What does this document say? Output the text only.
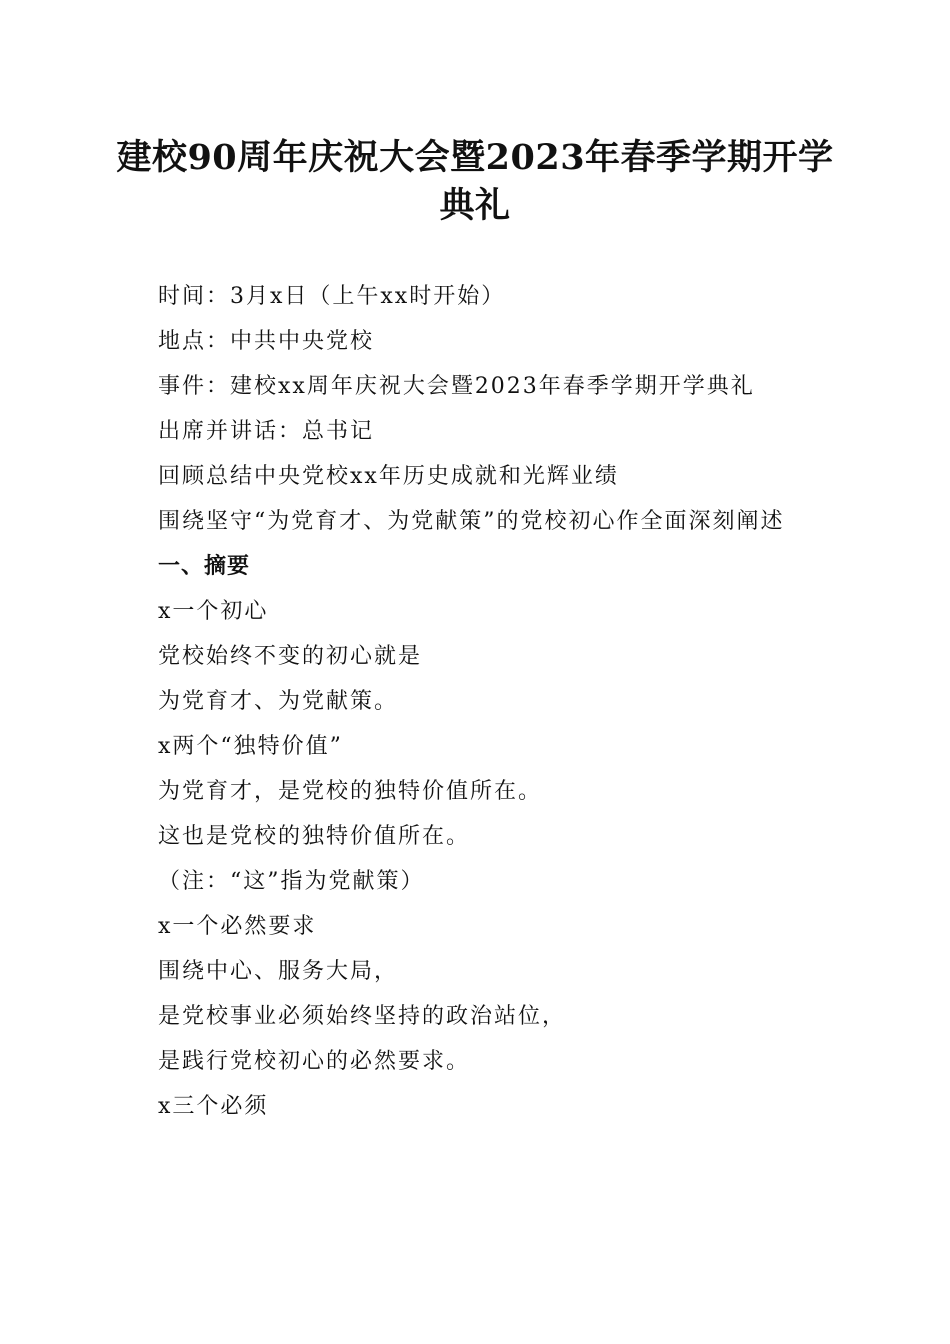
建校90周年庆祝大会暨2023年春季学期开学典礼

时间：3月x日（上午xx时开始）

地点：中共中央党校

事件：建校xx周年庆祝大会暨2023年春季学期开学典礼

出席并讲话：总书记

回顾总结中央党校xx年历史成就和光辉业绩

围绕坚守“为党育才、为党献策”的党校初心作全面深刻阐述

一、摘要

x一个初心

党校始终不变的初心就是

为党育才、为党献策。

x两个“独特价值”

为党育才，是党校的独特价值所在。

这也是党校的独特价值所在。

（注：“这”指为党献策）

x一个必然要求

围绕中心、服务大局，

是党校事业必须始终坚持的政治站位，

是践行党校初心的必然要求。

x三个必须
